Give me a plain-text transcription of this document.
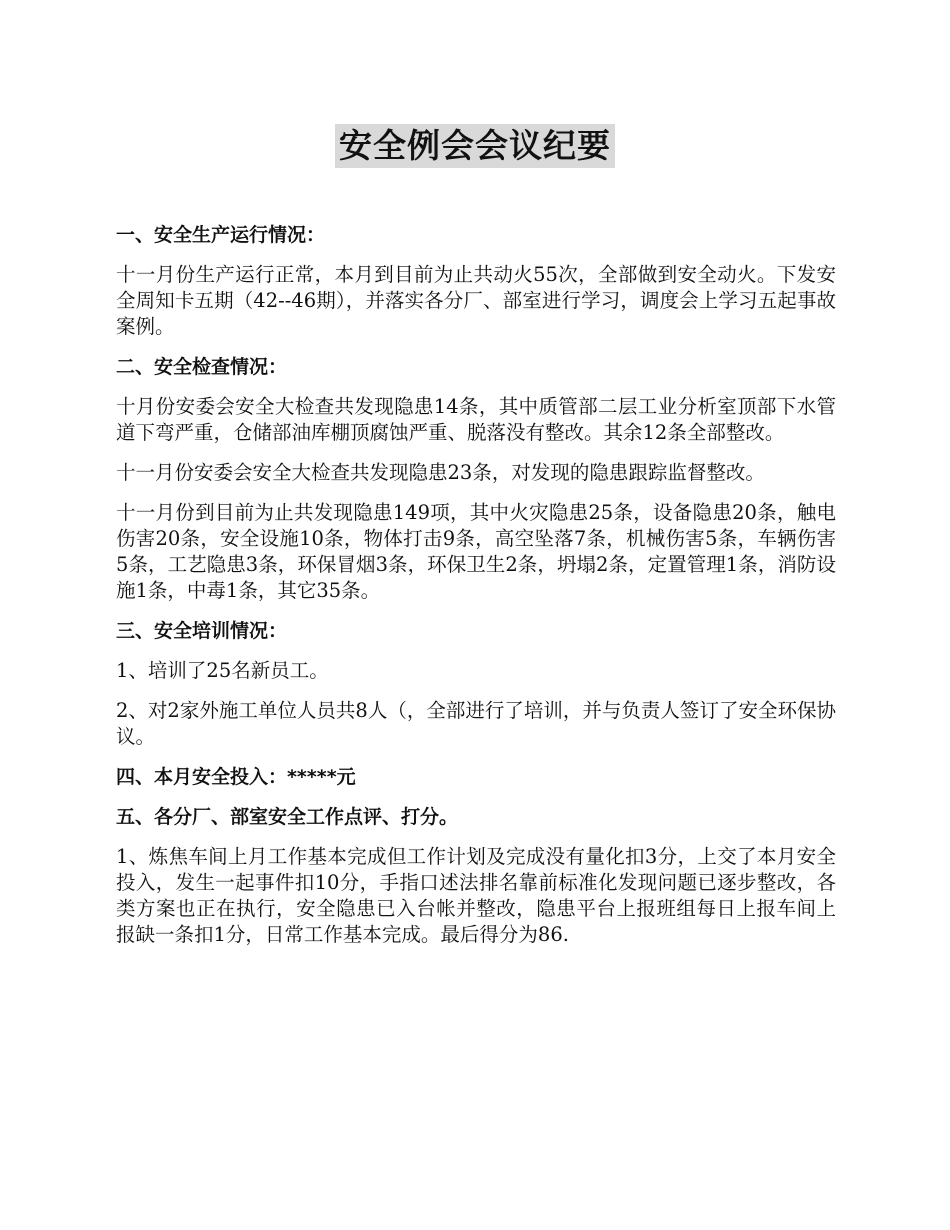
安全例会会议纪要
一、安全生产运行情况：
十一月份生产运行正常，本月到目前为止共动火55次，全部做到安全动火。下发安全周知卡五期（42--46期），并落实各分厂、部室进行学习，调度会上学习五起事故案例。
二、安全检查情况：
十月份安委会安全大检查共发现隐患14条，其中质管部二层工业分析室顶部下水管道下弯严重，仓储部油库棚顶腐蚀严重、脱落没有整改。其余12条全部整改。
十一月份安委会安全大检查共发现隐患23条，对发现的隐患跟踪监督整改。
十一月份到目前为止共发现隐患149项，其中火灾隐患25条，设备隐患20条，触电伤害20条，安全设施10条，物体打击9条，高空坠落7条，机械伤害5条，车辆伤害5条，工艺隐患3条，环保冒烟3条，环保卫生2条，坍塌2条，定置管理1条，消防设施1条，中毒1条，其它35条。
三、安全培训情况：
1、培训了25名新员工。
2、对2家外施工单位人员共8人（，全部进行了培训，并与负责人签订了安全环保协议。
四、本月安全投入：*****元
五、各分厂、部室安全工作点评、打分。
1、炼焦车间上月工作基本完成但工作计划及完成没有量化扣3分，上交了本月安全投入，发生一起事件扣10分，手指口述法排名靠前标准化发现问题已逐步整改，各类方案也正在执行，安全隐患已入台帐并整改，隐患平台上报班组每日上报车间上报缺一条扣1分，日常工作基本完成。最后得分为86.
